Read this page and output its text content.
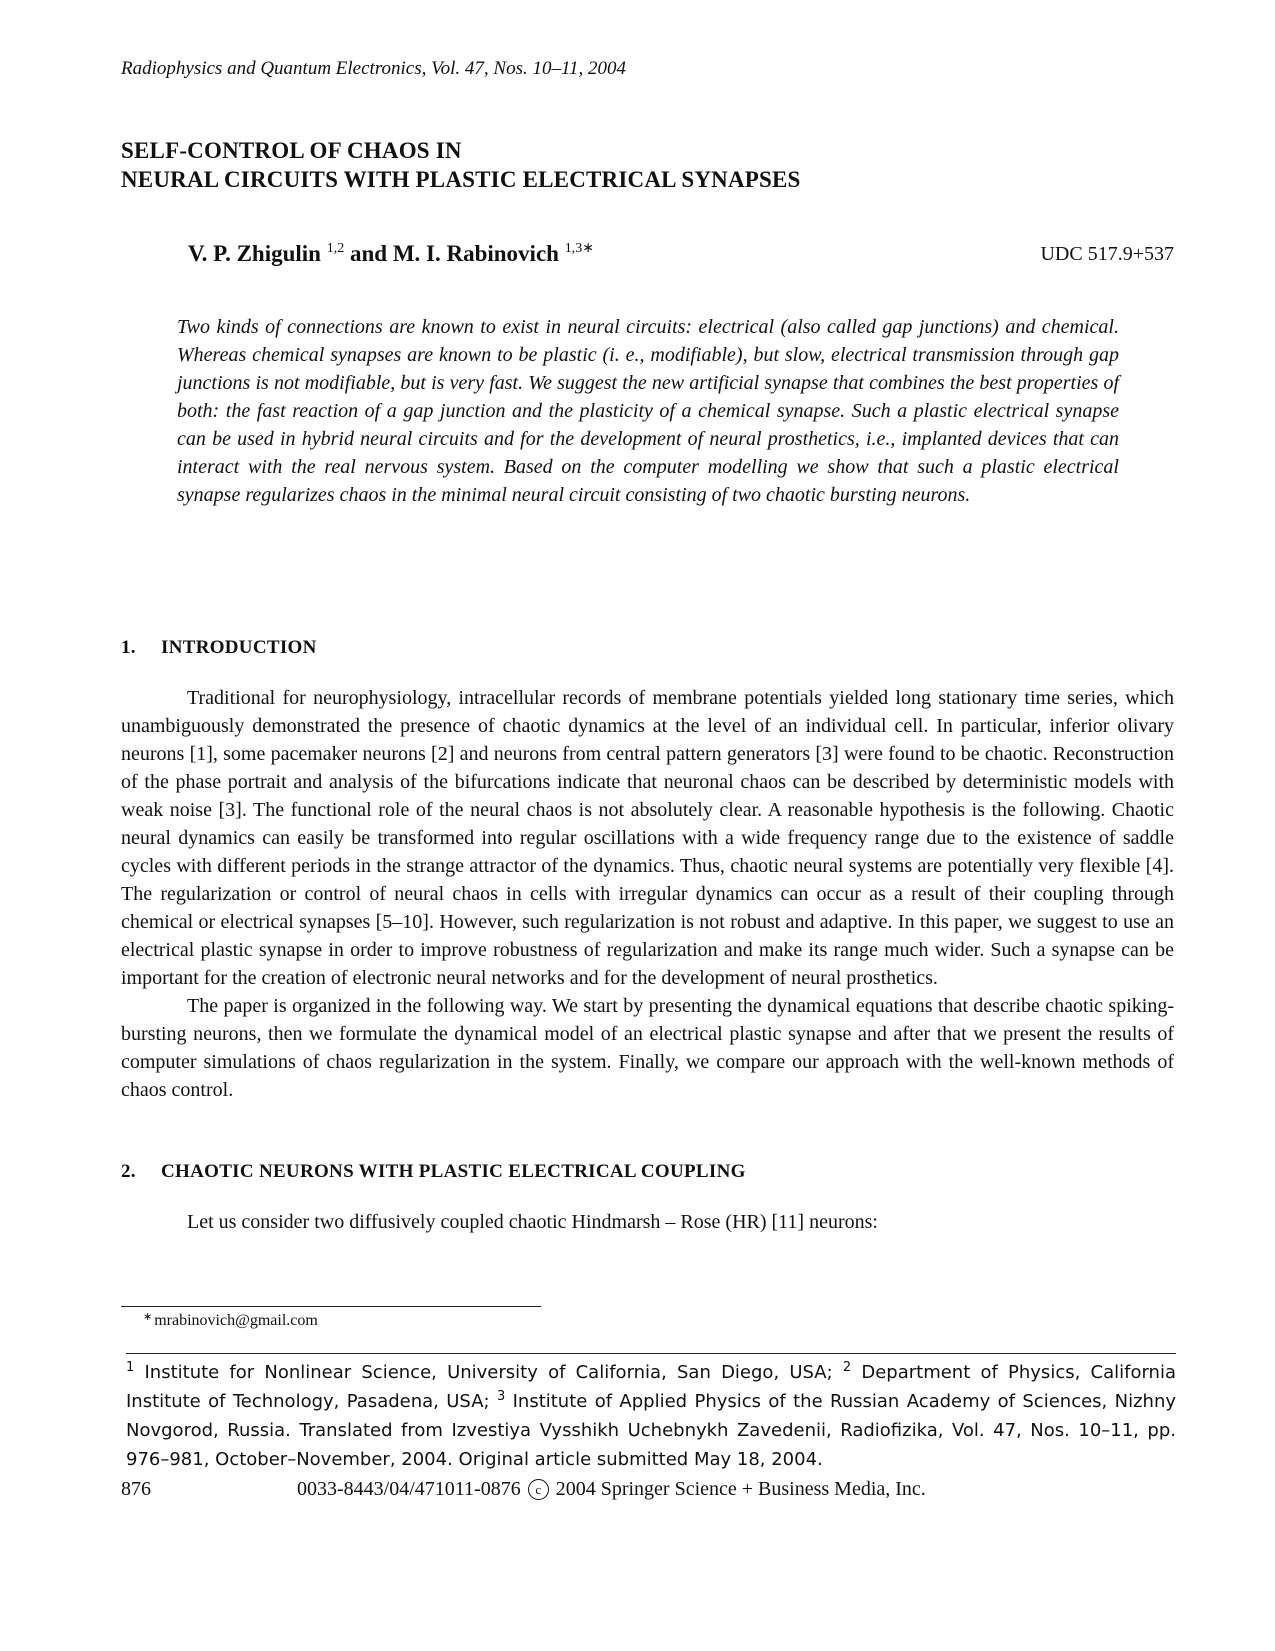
Radiophysics and Quantum Electronics, Vol. 47, Nos. 10–11, 2004
SELF-CONTROL OF CHAOS IN
NEURAL CIRCUITS WITH PLASTIC ELECTRICAL SYNAPSES
V. P. Zhigulin $^{1,2}$ and M. I. Rabinovich $^{1,3∗}$	UDC 517.9+537
Two kinds of connections are known to exist in neural circuits: electrical (also called gap junctions) and chemical. Whereas chemical synapses are known to be plastic (i. e., modifiable), but slow, electrical transmission through gap junctions is not modifiable, but is very fast. We suggest the new artificial synapse that combines the best properties of both: the fast reaction of a gap junction and the plasticity of a chemical synapse. Such a plastic electrical synapse can be used in hybrid neural circuits and for the development of neural prosthetics, i.e., implanted devices that can interact with the real nervous system. Based on the computer modelling we show that such a plastic electrical synapse regularizes chaos in the minimal neural circuit consisting of two chaotic bursting neurons.
1. INTRODUCTION

Traditional for neurophysiology, intracellular records of membrane potentials yielded long stationary time series, which unambiguously demonstrated the presence of chaotic dynamics at the level of an individual cell. In particular, inferior olivary neurons [1], some pacemaker neurons [2] and neurons from central pattern generators [3] were found to be chaotic. Reconstruction of the phase portrait and analysis of the bifurcations indicate that neuronal chaos can be described by deterministic models with weak noise [3]. The functional role of the neural chaos is not absolutely clear. A reasonable hypothesis is the following. Chaotic neural dynamics can easily be transformed into regular oscillations with a wide frequency range due to the existence of saddle cycles with different periods in the strange attractor of the dynamics. Thus, chaotic neural systems are potentially very flexible [4]. The regularization or control of neural chaos in cells with irregular dynamics can occur as a result of their coupling through chemical or electrical synapses [5–10]. However, such regularization is not robust and adaptive. In this paper, we suggest to use an electrical plastic synapse in order to improve robustness of regularization and make its range much wider. Such a synapse can be important for the creation of electronic neural networks and for the development of neural prosthetics.

The paper is organized in the following way. We start by presenting the dynamical equations that describe chaotic spiking-bursting neurons, then we formulate the dynamical model of an electrical plastic synapse and after that we present the results of computer simulations of chaos regularization in the system. Finally, we compare our approach with the well-known methods of chaos control.

2. CHAOTIC NEURONS WITH PLASTIC ELECTRICAL COUPLING

Let us consider two diffusively coupled chaotic Hindmarsh – Rose (HR) [11] neurons:

∗ mrabinovich@gmail.com
$^1$ Institute for Nonlinear Science, University of California, San Diego, USA; $^2$ Department of Physics, California Institute of Technology, Pasadena, USA; $^3$ Institute of Applied Physics of the Russian Academy of Sciences, Nizhny Novgorod, Russia. Translated from Izvestiya Vysshikh Uchebnykh Zavedenii, Radiofizika, Vol. 47, Nos. 10–11, pp. 976–981, October–November, 2004. Original article submitted May 18, 2004.
876	0033-8443/04/471011-0876 c 2004 Springer Science + Business Media, Inc.
